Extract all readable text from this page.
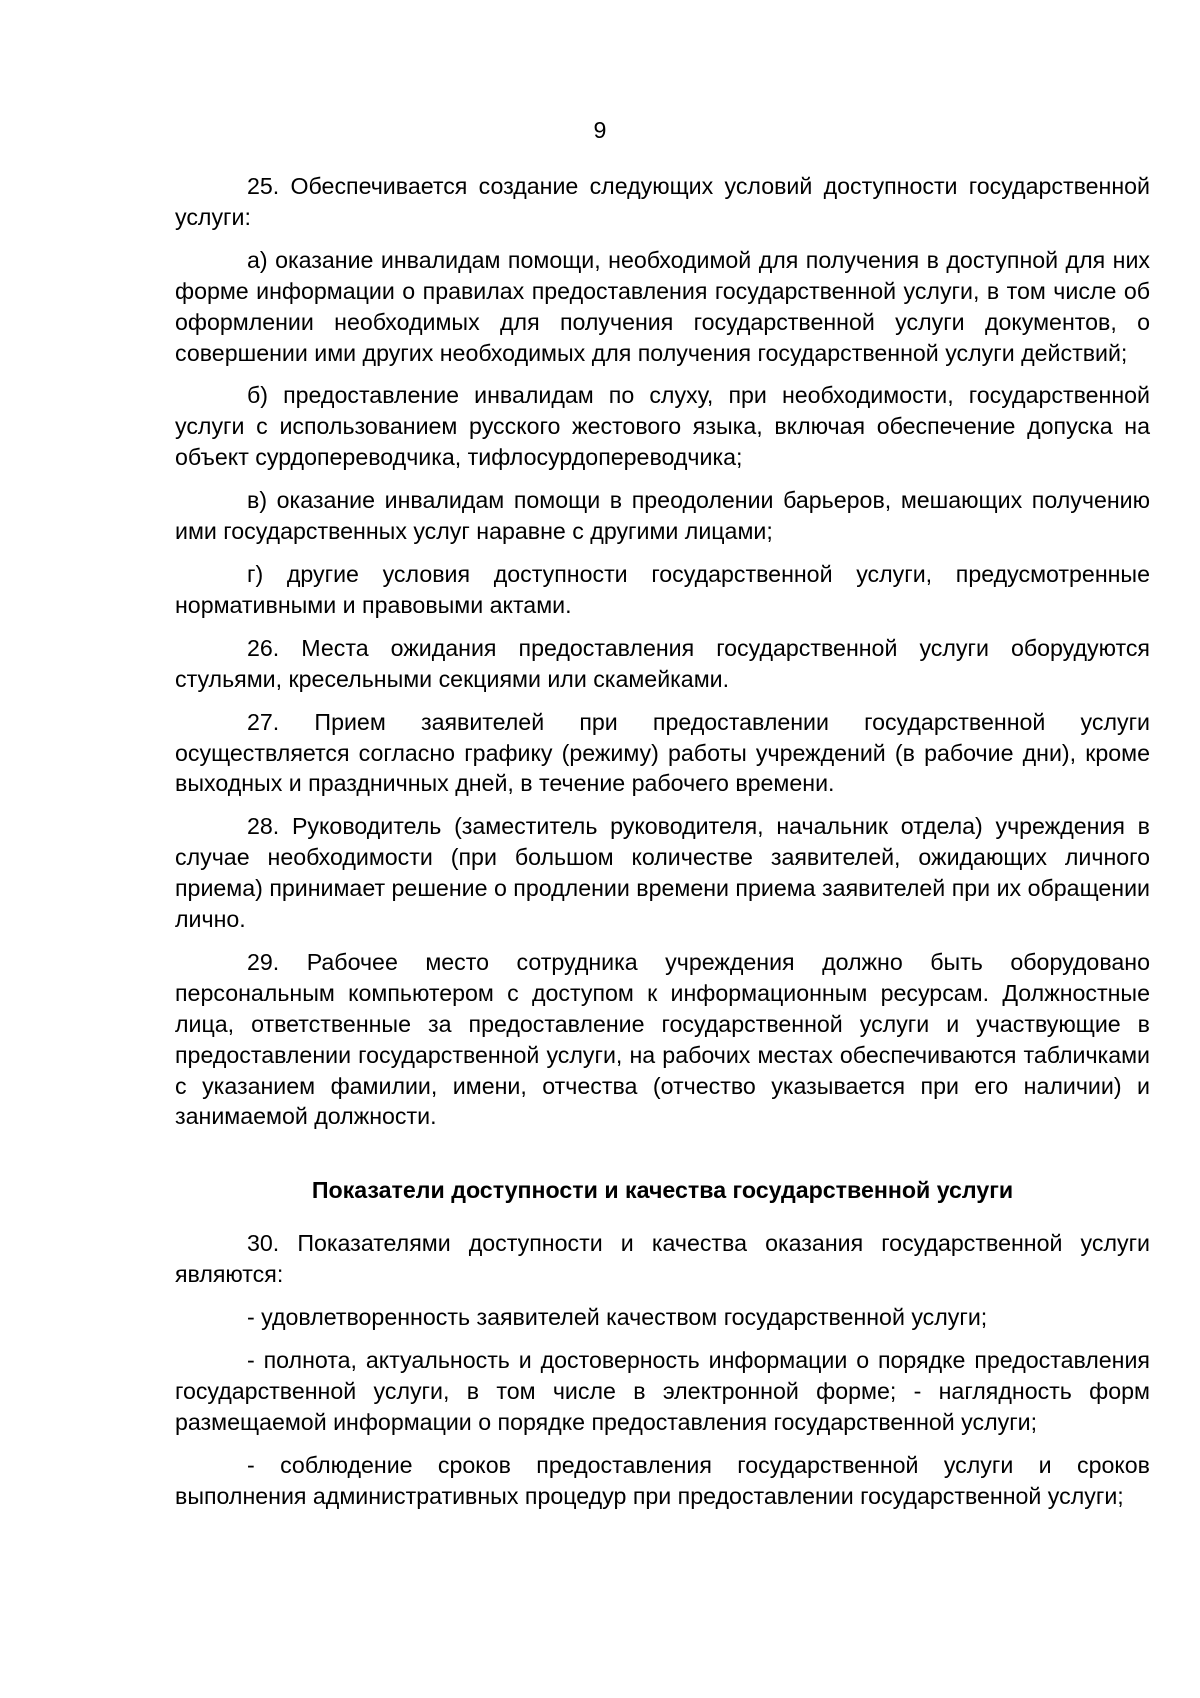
9

25. Обеспечивается создание следующих условий доступности государственной услуги:

а) оказание инвалидам помощи, необходимой для получения в доступной для них форме информации о правилах предоставления государственной услуги, в том числе об оформлении необходимых для получения государственной услуги документов, о совершении ими других необходимых для получения государственной услуги действий;

б) предоставление инвалидам по слуху, при необходимости, государственной услуги с использованием русского жестового языка, включая обеспечение допуска на объект сурдопереводчика, тифлосурдопереводчика;

в) оказание инвалидам помощи в преодолении барьеров, мешающих получению ими государственных услуг наравне с другими лицами;

г) другие условия доступности государственной услуги, предусмотренные нормативными и правовыми актами.

26. Места ожидания предоставления государственной услуги оборудуются стульями, кресельными секциями или скамейками.

27. Прием заявителей при предоставлении государственной услуги осуществляется согласно графику (режиму) работы учреждений (в рабочие дни), кроме выходных и праздничных дней, в течение рабочего времени.

28. Руководитель (заместитель руководителя, начальник отдела) учреждения в случае необходимости (при большом количестве заявителей, ожидающих личного приема) принимает решение о продлении времени приема заявителей при их обращении лично.

29. Рабочее место сотрудника учреждения должно быть оборудовано персональным компьютером с доступом к информационным ресурсам. Должностные лица, ответственные за предоставление государственной услуги и участвующие в предоставлении государственной услуги, на рабочих местах обеспечиваются табличками с указанием фамилии, имени, отчества (отчество указывается при его наличии) и занимаемой должности.

Показатели доступности и качества государственной услуги

30. Показателями доступности и качества оказания государственной услуги являются:

- удовлетворенность заявителей качеством государственной услуги;

- полнота, актуальность и достоверность информации о порядке предоставления государственной услуги, в том числе в электронной форме; - наглядность форм размещаемой информации о порядке предоставления государственной услуги;

- соблюдение сроков предоставления государственной услуги и сроков выполнения административных процедур при предоставлении государственной услуги;
